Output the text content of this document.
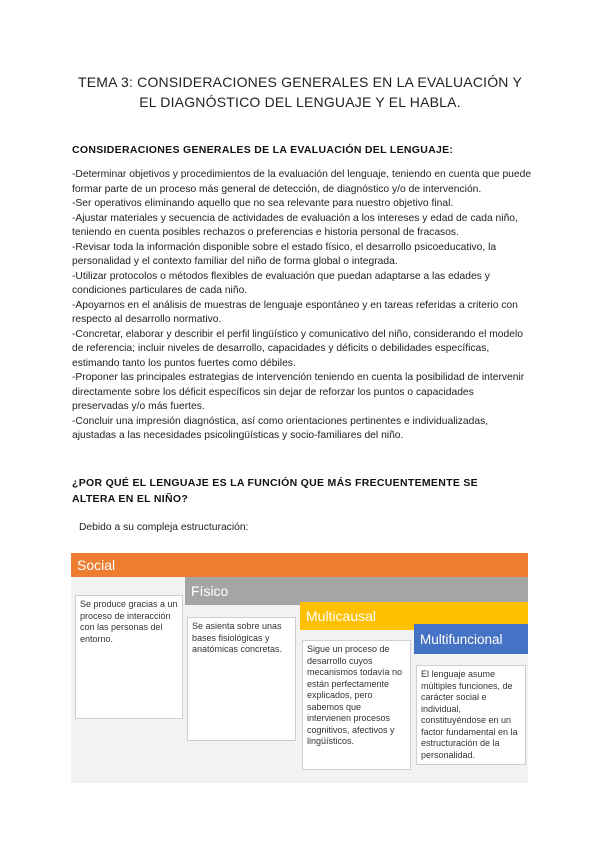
TEMA 3: CONSIDERACIONES GENERALES EN LA EVALUACIÓN Y
EL DIAGNÓSTICO DEL LENGUAJE Y EL HABLA.
CONSIDERACIONES GENERALES DE LA EVALUACIÓN DEL LENGUAJE:

-Determinar objetivos y procedimientos de la evaluación del lenguaje, teniendo en cuenta que puede formar parte de un proceso más general de detección, de diagnóstico y/o de intervención.

-Ser operativos eliminando aquello que no sea relevante para nuestro objetivo final.

-Ajustar materiales y secuencia de actividades de evaluación a los intereses y edad de cada niño, teniendo en cuenta posibles rechazos o preferencias e historia personal de fracasos.

-Revisar toda la información disponible sobre el estado físico, el desarrollo psicoeducativo, la personalidad y el contexto familiar del niño de forma global o integrada.

-Utilizar protocolos o métodos flexibles de evaluación que puedan adaptarse a las edades y condiciones particulares de cada niño.

-Apoyarnos en el análisis de muestras de lenguaje espontáneo y en tareas referidas a criterio con respecto al desarrollo normativo.

-Concretar, elaborar y describir el perfil lingüístico y comunicativo del niño, considerando el modelo de referencia; incluir niveles de desarrollo, capacidades y déficits o debilidades específicas, estimando tanto los puntos fuertes como débiles.

-Proponer las principales estrategias de intervención teniendo en cuenta la posibilidad de intervenir directamente sobre los déficit específicos sin dejar de reforzar los puntos o capacidades preservadas y/o más fuertes.

-Concluir una impresión diagnóstica, así como orientaciones pertinentes e individualizadas, ajustadas a las necesidades psicolingüísticas y socio-familiares del niño.

¿POR QUÉ EL LENGUAJE ES LA FUNCIÓN QUE MÁS FRECUENTEMENTE SE
ALTERA EN EL NIÑO?
Debido a su compleja estructuración:
Social
Se produce gracias a un proceso de interacción con las personas del entorno.
Físico
Se asienta sobre unas bases fisiológicas y anatómicas concretas.
Multicausal
Sigue un proceso de desarrollo cuyos mecanismos todavía no están perfectamente explicados, pero sabemos que intervienen procesos cognitivos, afectivos y lingüísticos.
Multifuncional
El lenguaje asume múltiples funciones, de carácter social e individual, constituyéndose en un factor fundamental en la estructuración de la personalidad.
